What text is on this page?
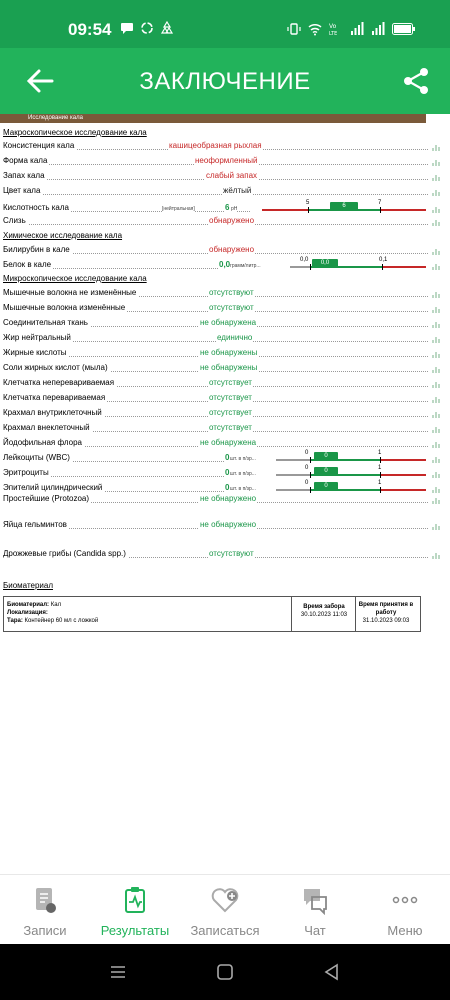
09:54	Vo
LTE
ЗАКЛЮЧЕНИЕ
Исследование кала
Макроскопическое исследование кала
Консистенция кала	кашицеобразная рыхлая
Форма кала	неоформленный
Запах кала	слабый запах
Цвет кала	жёлтый
Кислотность кала	[нейтральная]	6 pH
5	6	7
Слизь	обнаружено
Химическое исследование кала
Билирубин в кале	обнаружено
Белок в кале	0,0 грамм/литр...
0,0	0,0	0,1
Микроскопическое исследование кала
Мышечные волокна не изменённые	отсутствуют
Мышечные волокна изменённые	отсутствуют
Соединительная ткань	не обнаружена
Жир нейтральный	единично
Жирные кислоты	не обнаружены
Соли жирных кислот (мыла)	не обнаружены
Клетчатка неперевариваемая	отсутствует
Клетчатка перевариваемая	отсутствует
Крахмал внутриклеточный	отсутствует
Крахмал внеклеточный	отсутствует
Йодофильная флора	не обнаружена
Лейкоциты (WBC)	0 шт. в п/зр...
0	0	1
Эритроциты	0 шт. в п/зр...
0	0	1
Эпителий цилиндрический	0 шт. в п/зр...
0	0	1
Простейшие (Protozoa)	не обнаружено
Яйца гельминтов	не обнаружено
Дрожжевые грибы (Candida spp.)	отсутствуют
Биоматериал
Биоматериал: Кал
Локализация:
Тара: Контейнер 60 мл с ложкой
Время забора
30.10.2023 11:03
Время принятия в работу
31.10.2023 09:03
Записи	Результаты	Записаться	Чат	Меню
